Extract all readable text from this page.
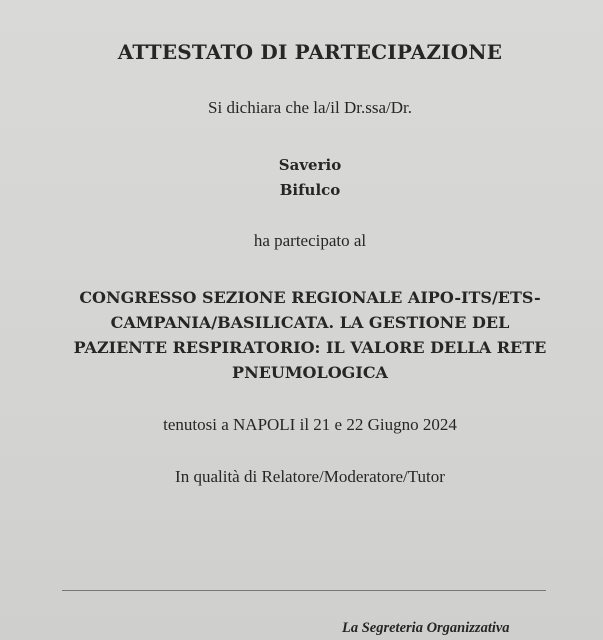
ATTESTATO DI PARTECIPAZIONE
Si dichiara che la/il Dr.ssa/Dr.
Saverio
Bifulco
ha partecipato al
CONGRESSO SEZIONE REGIONALE AIPO-ITS/ETS-
CAMPANIA/BASILICATA. LA GESTIONE DEL
PAZIENTE RESPIRATORIO: IL VALORE DELLA RETE
PNEUMOLOGICA
tenutosi a NAPOLI il 21 e 22 Giugno 2024
In qualità di Relatore/Moderatore/Tutor
La Segreteria Organizzativa
